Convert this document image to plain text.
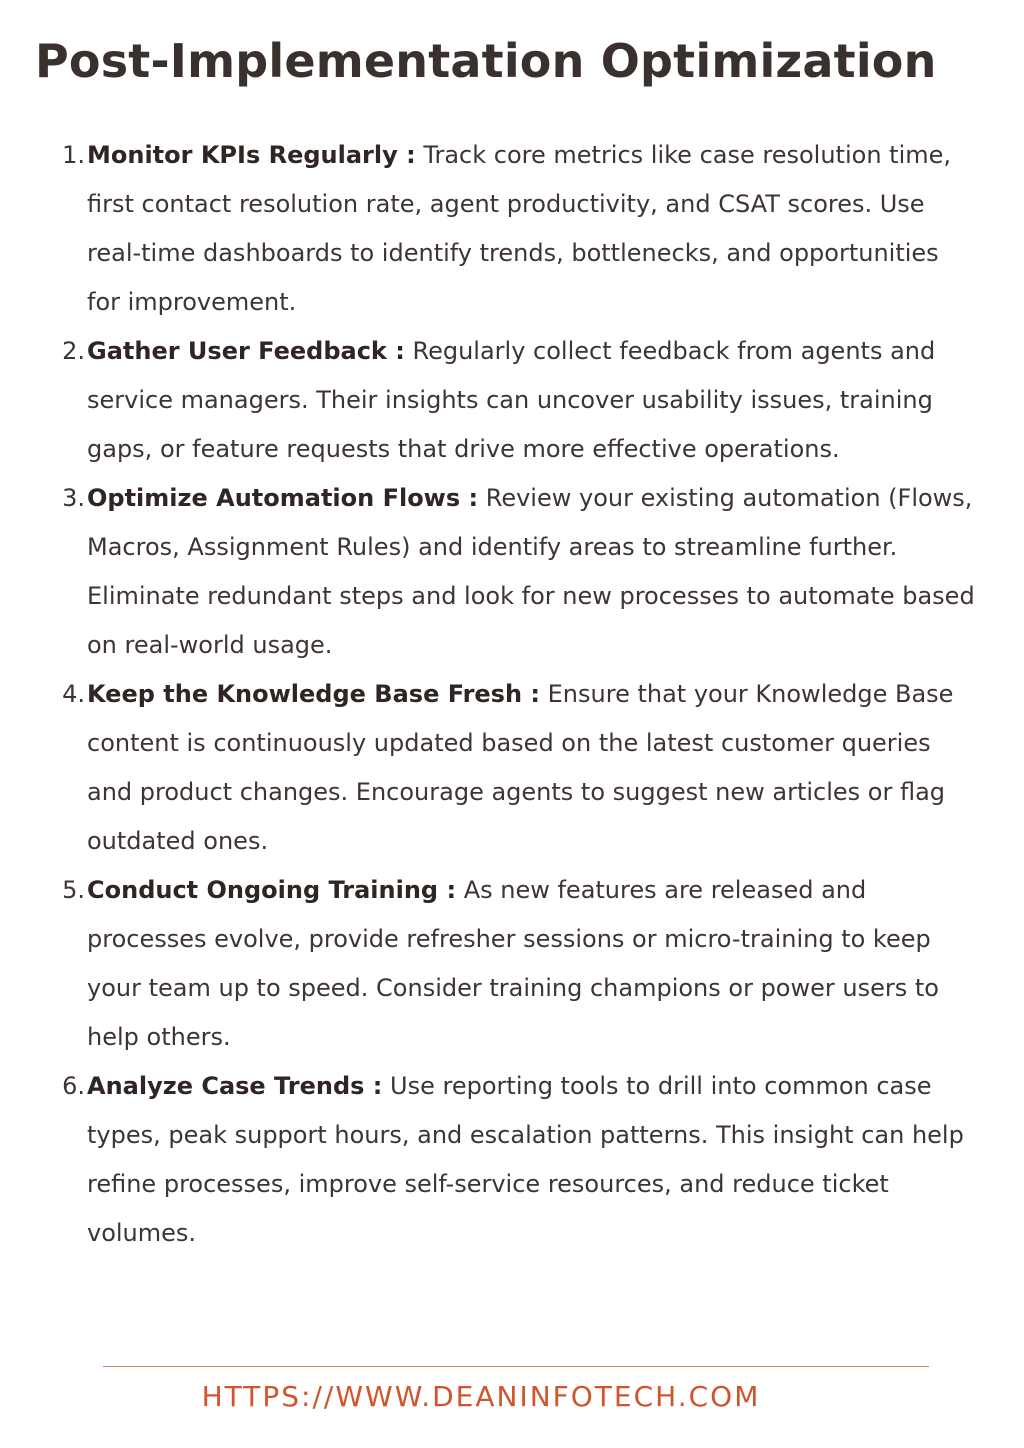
Post-Implementation Optimization
1. Monitor KPIs Regularly : Track core metrics like case resolution time, first contact resolution rate, agent productivity, and CSAT scores. Use real-time dashboards to identify trends, bottlenecks, and opportunities for improvement.
2. Gather User Feedback : Regularly collect feedback from agents and service managers. Their insights can uncover usability issues, training gaps, or feature requests that drive more effective operations.
3. Optimize Automation Flows : Review your existing automation (Flows, Macros, Assignment Rules) and identify areas to streamline further. Eliminate redundant steps and look for new processes to automate based on real-world usage.
4. Keep the Knowledge Base Fresh : Ensure that your Knowledge Base content is continuously updated based on the latest customer queries and product changes. Encourage agents to suggest new articles or flag outdated ones.
5. Conduct Ongoing Training : As new features are released and processes evolve, provide refresher sessions or micro-training to keep your team up to speed. Consider training champions or power users to help others.
6. Analyze Case Trends : Use reporting tools to drill into common case types, peak support hours, and escalation patterns. This insight can help refine processes, improve self-service resources, and reduce ticket volumes.
HTTPS://WWW.DEANINFOTECH.COM
